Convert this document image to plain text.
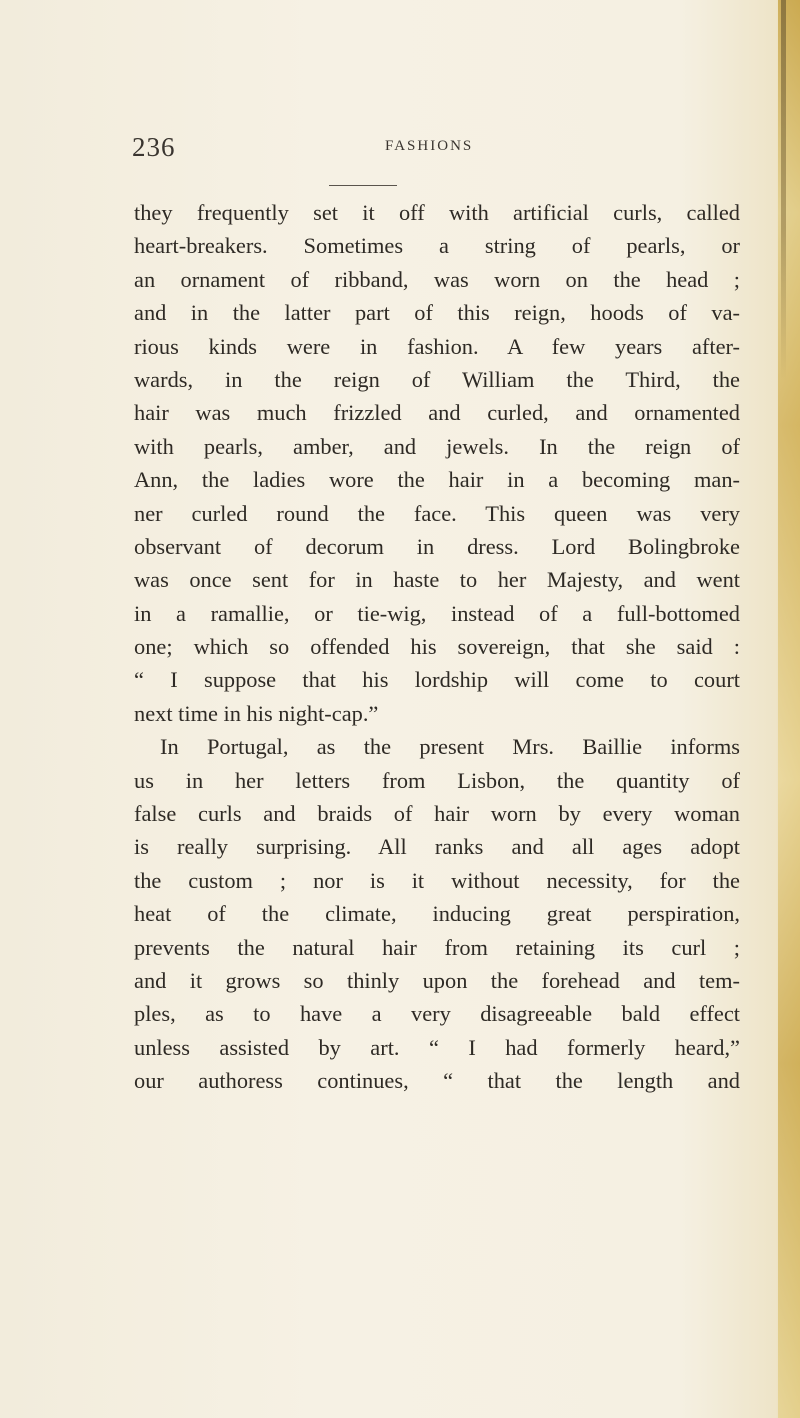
236	FASHIONS
they frequently set it off with artificial curls, called
heart-breakers. Sometimes a string of pearls, or
an ornament of ribband, was worn on the head ;
and in the latter part of this reign, hoods of va-
rious kinds were in fashion. A few years after-
wards, in the reign of William the Third, the
hair was much frizzled and curled, and ornamented
with pearls, amber, and jewels. In the reign of
Ann, the ladies wore the hair in a becoming man-
ner curled round the face. This queen was very
observant of decorum in dress. Lord Bolingbroke
was once sent for in haste to her Majesty, and went
in a ramallie, or tie-wig, instead of a full-bottomed
one; which so offended his sovereign, that she said :
“ I suppose that his lordship will come to court
next time in his night-cap.”
In Portugal, as the present Mrs. Baillie informs
us in her letters from Lisbon, the quantity of
false curls and braids of hair worn by every woman
is really surprising. All ranks and all ages adopt
the custom ; nor is it without necessity, for the
heat of the climate, inducing great perspiration,
prevents the natural hair from retaining its curl ;
and it grows so thinly upon the forehead and tem-
ples, as to have a very disagreeable bald effect
unless assisted by art. “ I had formerly heard,”
our authoress continues, “ that the length and
